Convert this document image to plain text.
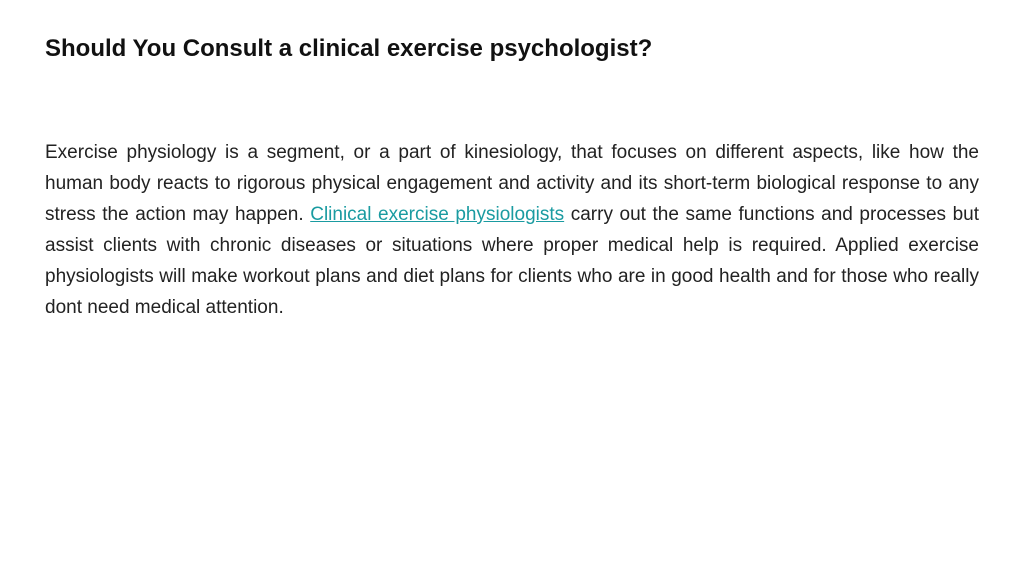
Should You Consult a clinical exercise psychologist?

Exercise physiology is a segment, or a part of kinesiology, that focuses on different aspects, like how the human body reacts to rigorous physical engagement and activity and its short-term biological response to any stress the action may happen. Clinical exercise physiologists carry out the same functions and processes but assist clients with chronic diseases or situations where proper medical help is required. Applied exercise physiologists will make workout plans and diet plans for clients who are in good health and for those who really dont need medical attention.
